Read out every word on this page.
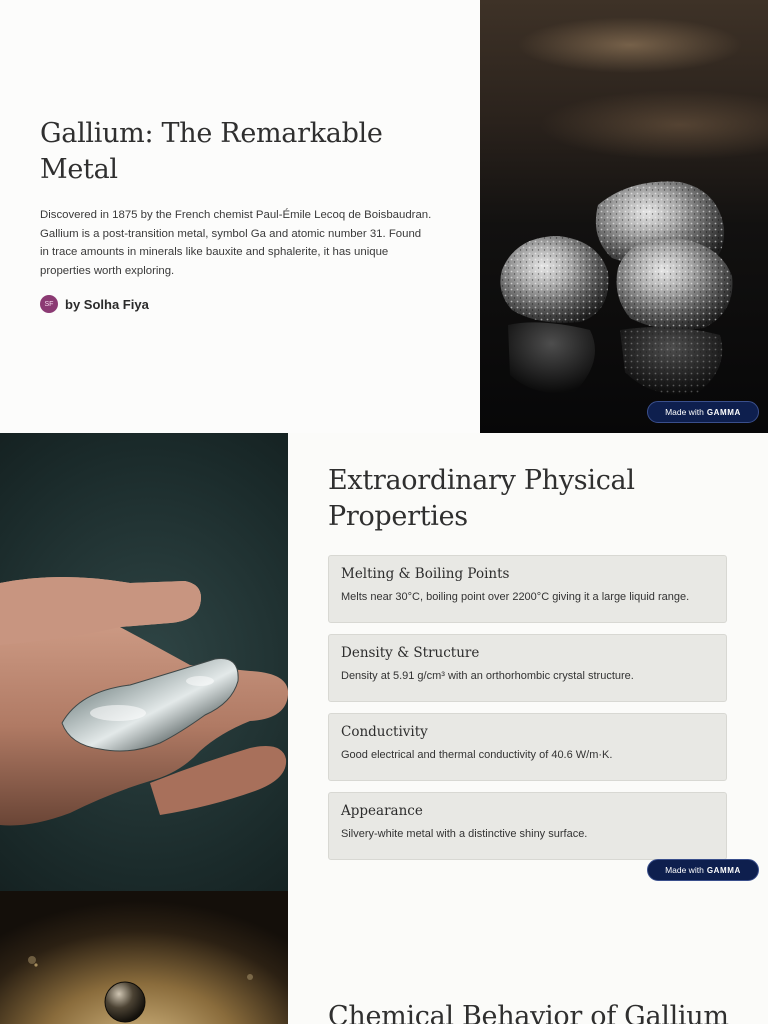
Gallium: The Remarkable Metal

Discovered in 1875 by the French chemist Paul-Émile Lecoq de Boisbaudran. Gallium is a post-transition metal, symbol Ga and atomic number 31. Found in trace amounts in minerals like bauxite and sphalerite, it has unique properties worth exploring.

SF by Solha Fiya
Made with GAMMA
Extraordinary Physical Properties
Melting & Boiling Points
Melts near 30°C, boiling point over 2200°C giving it a large liquid range.
Density & Structure
Density at 5.91 g/cm³ with an orthorhombic crystal structure.
Conductivity
Good electrical and thermal conductivity of 40.6 W/m·K.
Appearance
Silvery-white metal with a distinctive shiny surface.
Made with GAMMA
Chemical Behavior of Gallium
